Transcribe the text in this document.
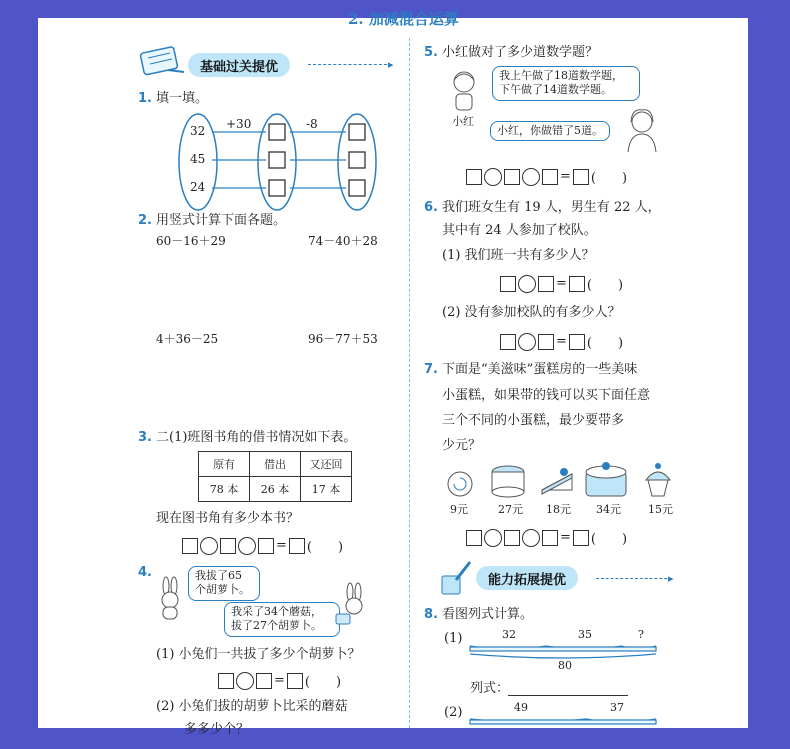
2. 加减混合运算
基础过关提优	▸
1. 填一填。
32
45
24
+30	-8
2. 用竖式计算下面各题。
60－16＋29	74－40＋28
4＋36－25	96－77＋53
3. 二(1)班图书角的借书情况如下表。
原有	借出	又还回
78 本	26 本	17 本
现在图书角有多少本书？
= (　　)
4.	我拔了65
个胡萝卜。
我采了34个蘑菇，
拔了27个胡萝卜。
(1) 小兔们一共拔了多少个胡萝卜？
= (　　)
(2) 小兔们拔的胡萝卜比采的蘑菇
多多少个？
5. 小红做对了多少道数学题？
小红
我上午做了18道数学题，
下午做了14道数学题。
小红，你做错了5道。
= (　　)
6. 我们班女生有 19 人，男生有 22 人，
其中有 24 人参加了校队。
(1) 我们班一共有多少人？
= (　　)
(2) 没有参加校队的有多少人？
= (　　)
7. 下面是“美滋味”蛋糕房的一些美味
小蛋糕，如果带的钱可以买下面任意
三个不同的小蛋糕，最少要带多
少元？
9元	27元 18元 34元 15元
= (　　)
能力拓展提优	▸
8. 看图列式计算。
(1)	32	35	?
80
列式：
(2)	49	37
